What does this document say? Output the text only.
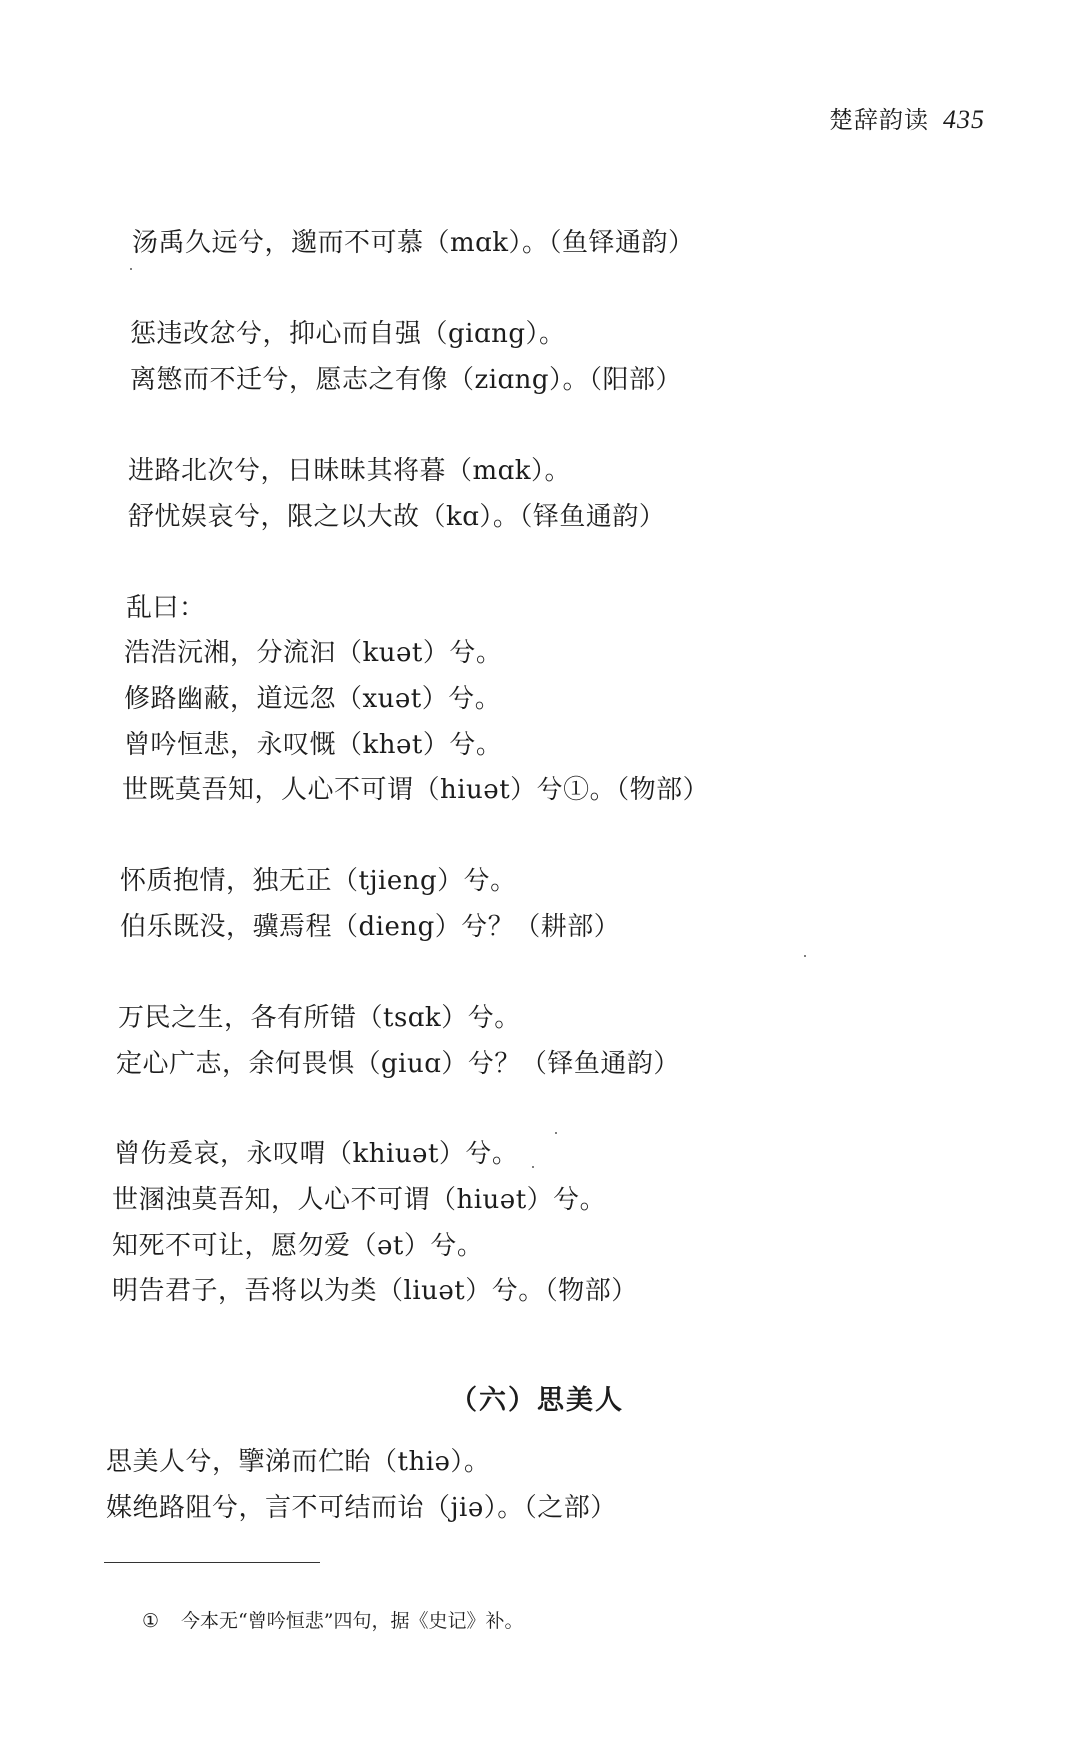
楚辞韵读 435
汤禹久远兮，邈而不可慕（mɑk）。（鱼铎通韵）
惩违改忿兮，抑心而自强（giɑng）。
离慜而不迁兮，愿志之有像（ziɑng）。（阳部）
进路北次兮，日昧昧其将暮（mɑk）。
舒忧娱哀兮，限之以大故（kɑ）。（铎鱼通韵）
乱曰：
浩浩沅湘，分流汩（kuət）兮。
修路幽蔽，道远忽（xuət）兮。
曾吟恒悲，永叹慨（khət）兮。
世既莫吾知，人心不可谓（hiuət）兮①。（物部）
怀质抱情，独无正（tjieng）兮。
伯乐既没，骥焉程（dieng）兮？（耕部）
万民之生，各有所错（tsɑk）兮。
定心广志，余何畏惧（giuɑ）兮？（铎鱼通韵）
曾伤爰哀，永叹喟（khiuət）兮。
世溷浊莫吾知，人心不可谓（hiuət）兮。
知死不可让，愿勿爱（ət）兮。
明告君子，吾将以为类（liuət）兮。（物部）
（六）思美人
思美人兮，擥涕而伫眙（thiə）。
媒绝路阻兮，言不可结而诒（jiə）。（之部）
① 今本无“曾吟恒悲”四句，据《史记》补。
